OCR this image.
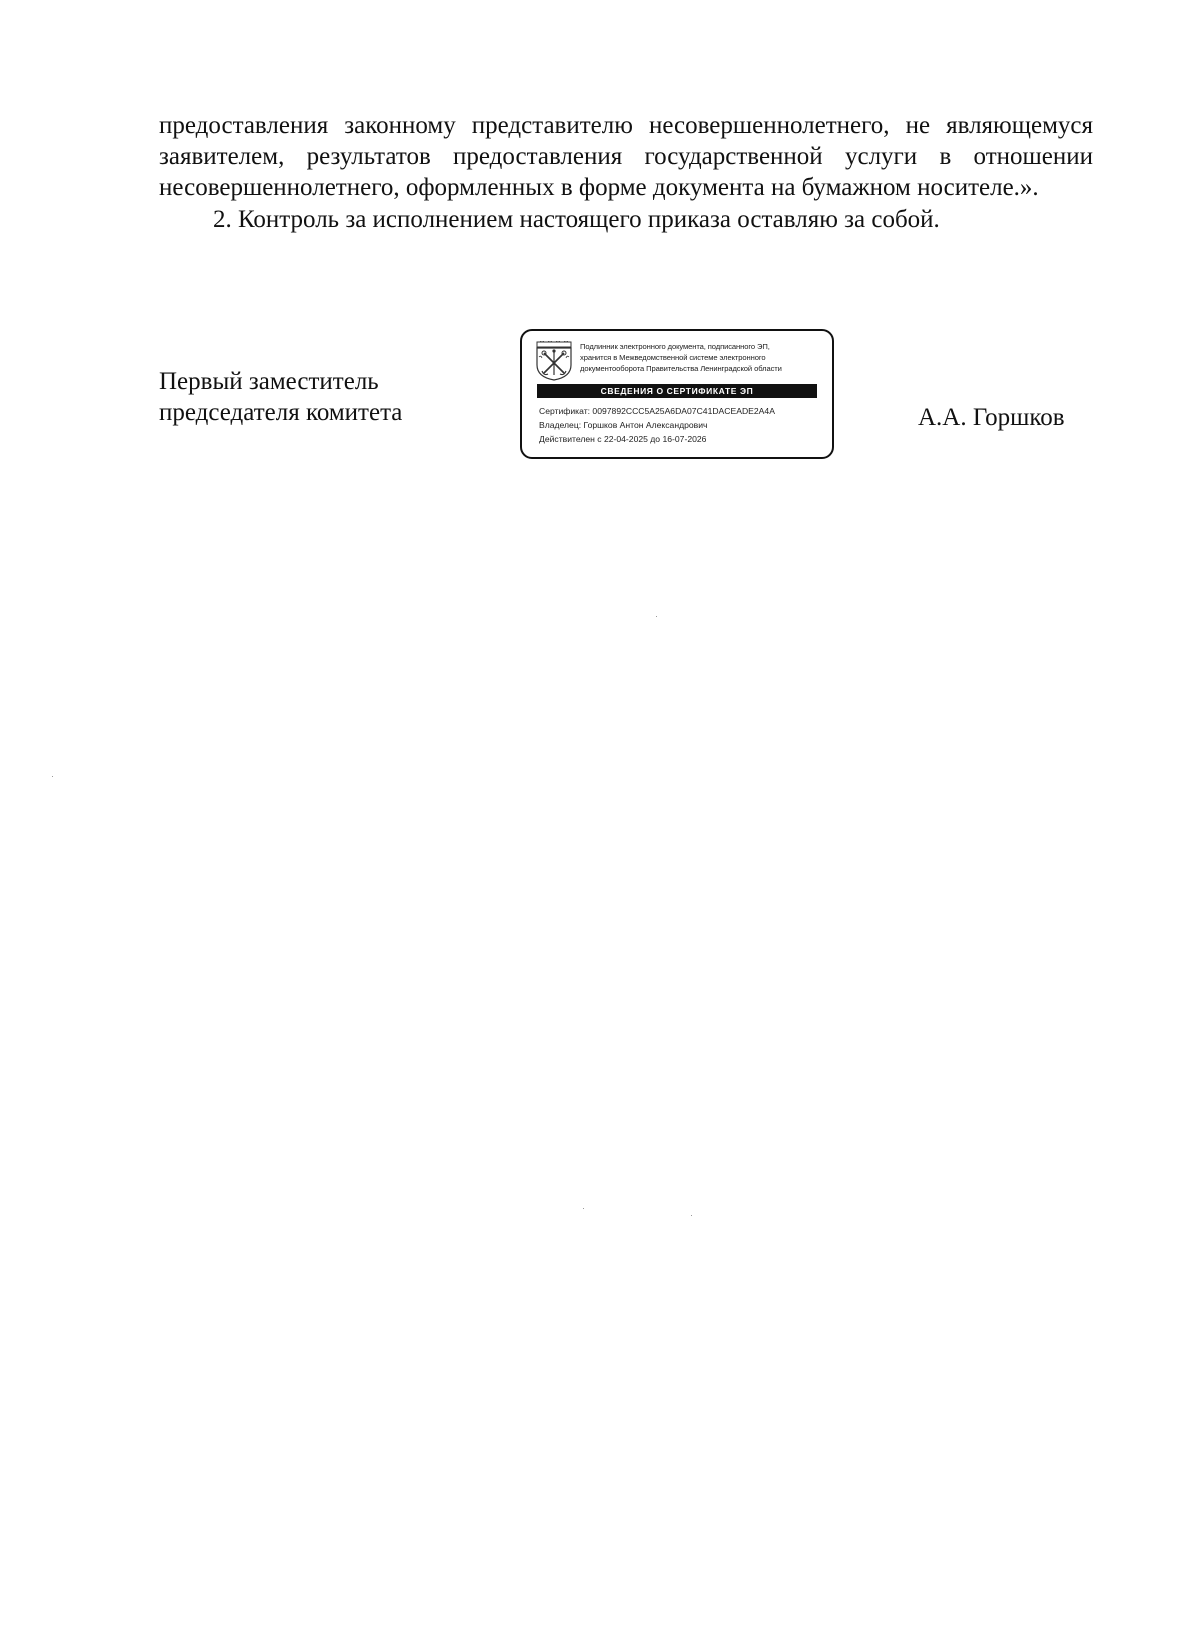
предоставления законному представителю несовершеннолетнего, не являющемуся заявителем, результатов предоставления государственной услуги в отношении несовершеннолетнего, оформленных в форме документа на бумажном носителе.».

2. Контроль за исполнением настоящего приказа оставляю за собой.

Первый заместитель
председателя комитета
Подлинник электронного документа, подписанного ЭП,
хранится в Межведомственной системе электронного
документооборота Правительства Ленинградской области
СВЕДЕНИЯ О СЕРТИФИКАТЕ ЭП
Сертификат: 0097892CCC5A25A6DA07C41DACEADE2A4A
Владелец: Горшков Антон Александрович
Действителен с 22-04-2025 до 16-07-2026
А.А. Горшков
